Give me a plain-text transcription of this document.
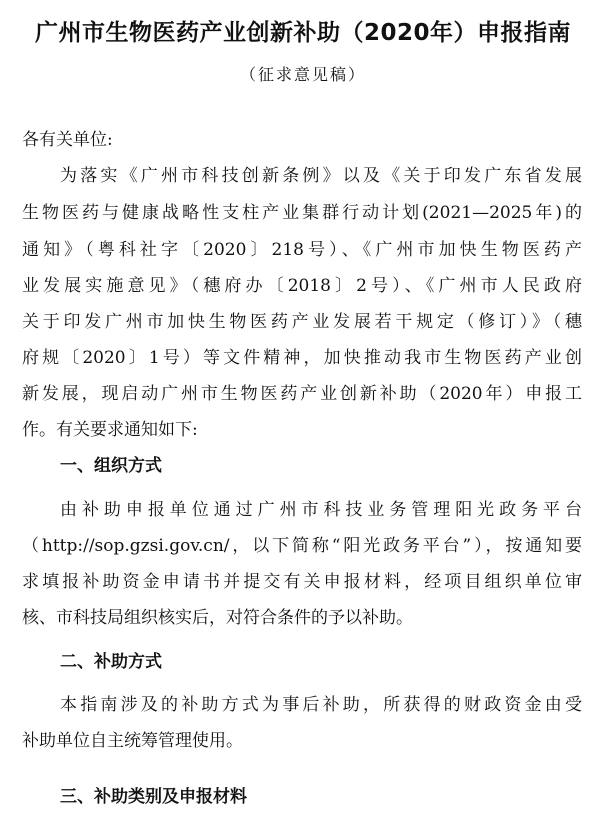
广州市生物医药产业创新补助（2020年）申报指南
（征求意见稿）
各有关单位:
为落实《广州市科技创新条例》以及《关于印发广东省发展
生物医药与健康战略性支柱产业集群行动计划(2021—2025年)的
通知》（粤科社字〔2020〕218号）、《广州市加快生物医药产
业发展实施意见》（穗府办〔2018〕2号）、《广州市人民政府
关于印发广州市加快生物医药产业发展若干规定（修订）》（穗
府规〔2020〕1号）等文件精神，加快推动我市生物医药产业创
新发展，现启动广州市生物医药产业创新补助（2020年）申报工
作。有关要求通知如下:
一、组织方式
由补助申报单位通过广州市科技业务管理阳光政务平台
（http://sop.gzsi.gov.cn/，以下简称“阳光政务平台”），按通知要
求填报补助资金申请书并提交有关申报材料，经项目组织单位审
核、市科技局组织核实后，对符合条件的予以补助。
二、补助方式
本指南涉及的补助方式为事后补助，所获得的财政资金由受
补助单位自主统筹管理使用。
三、补助类别及申报材料
